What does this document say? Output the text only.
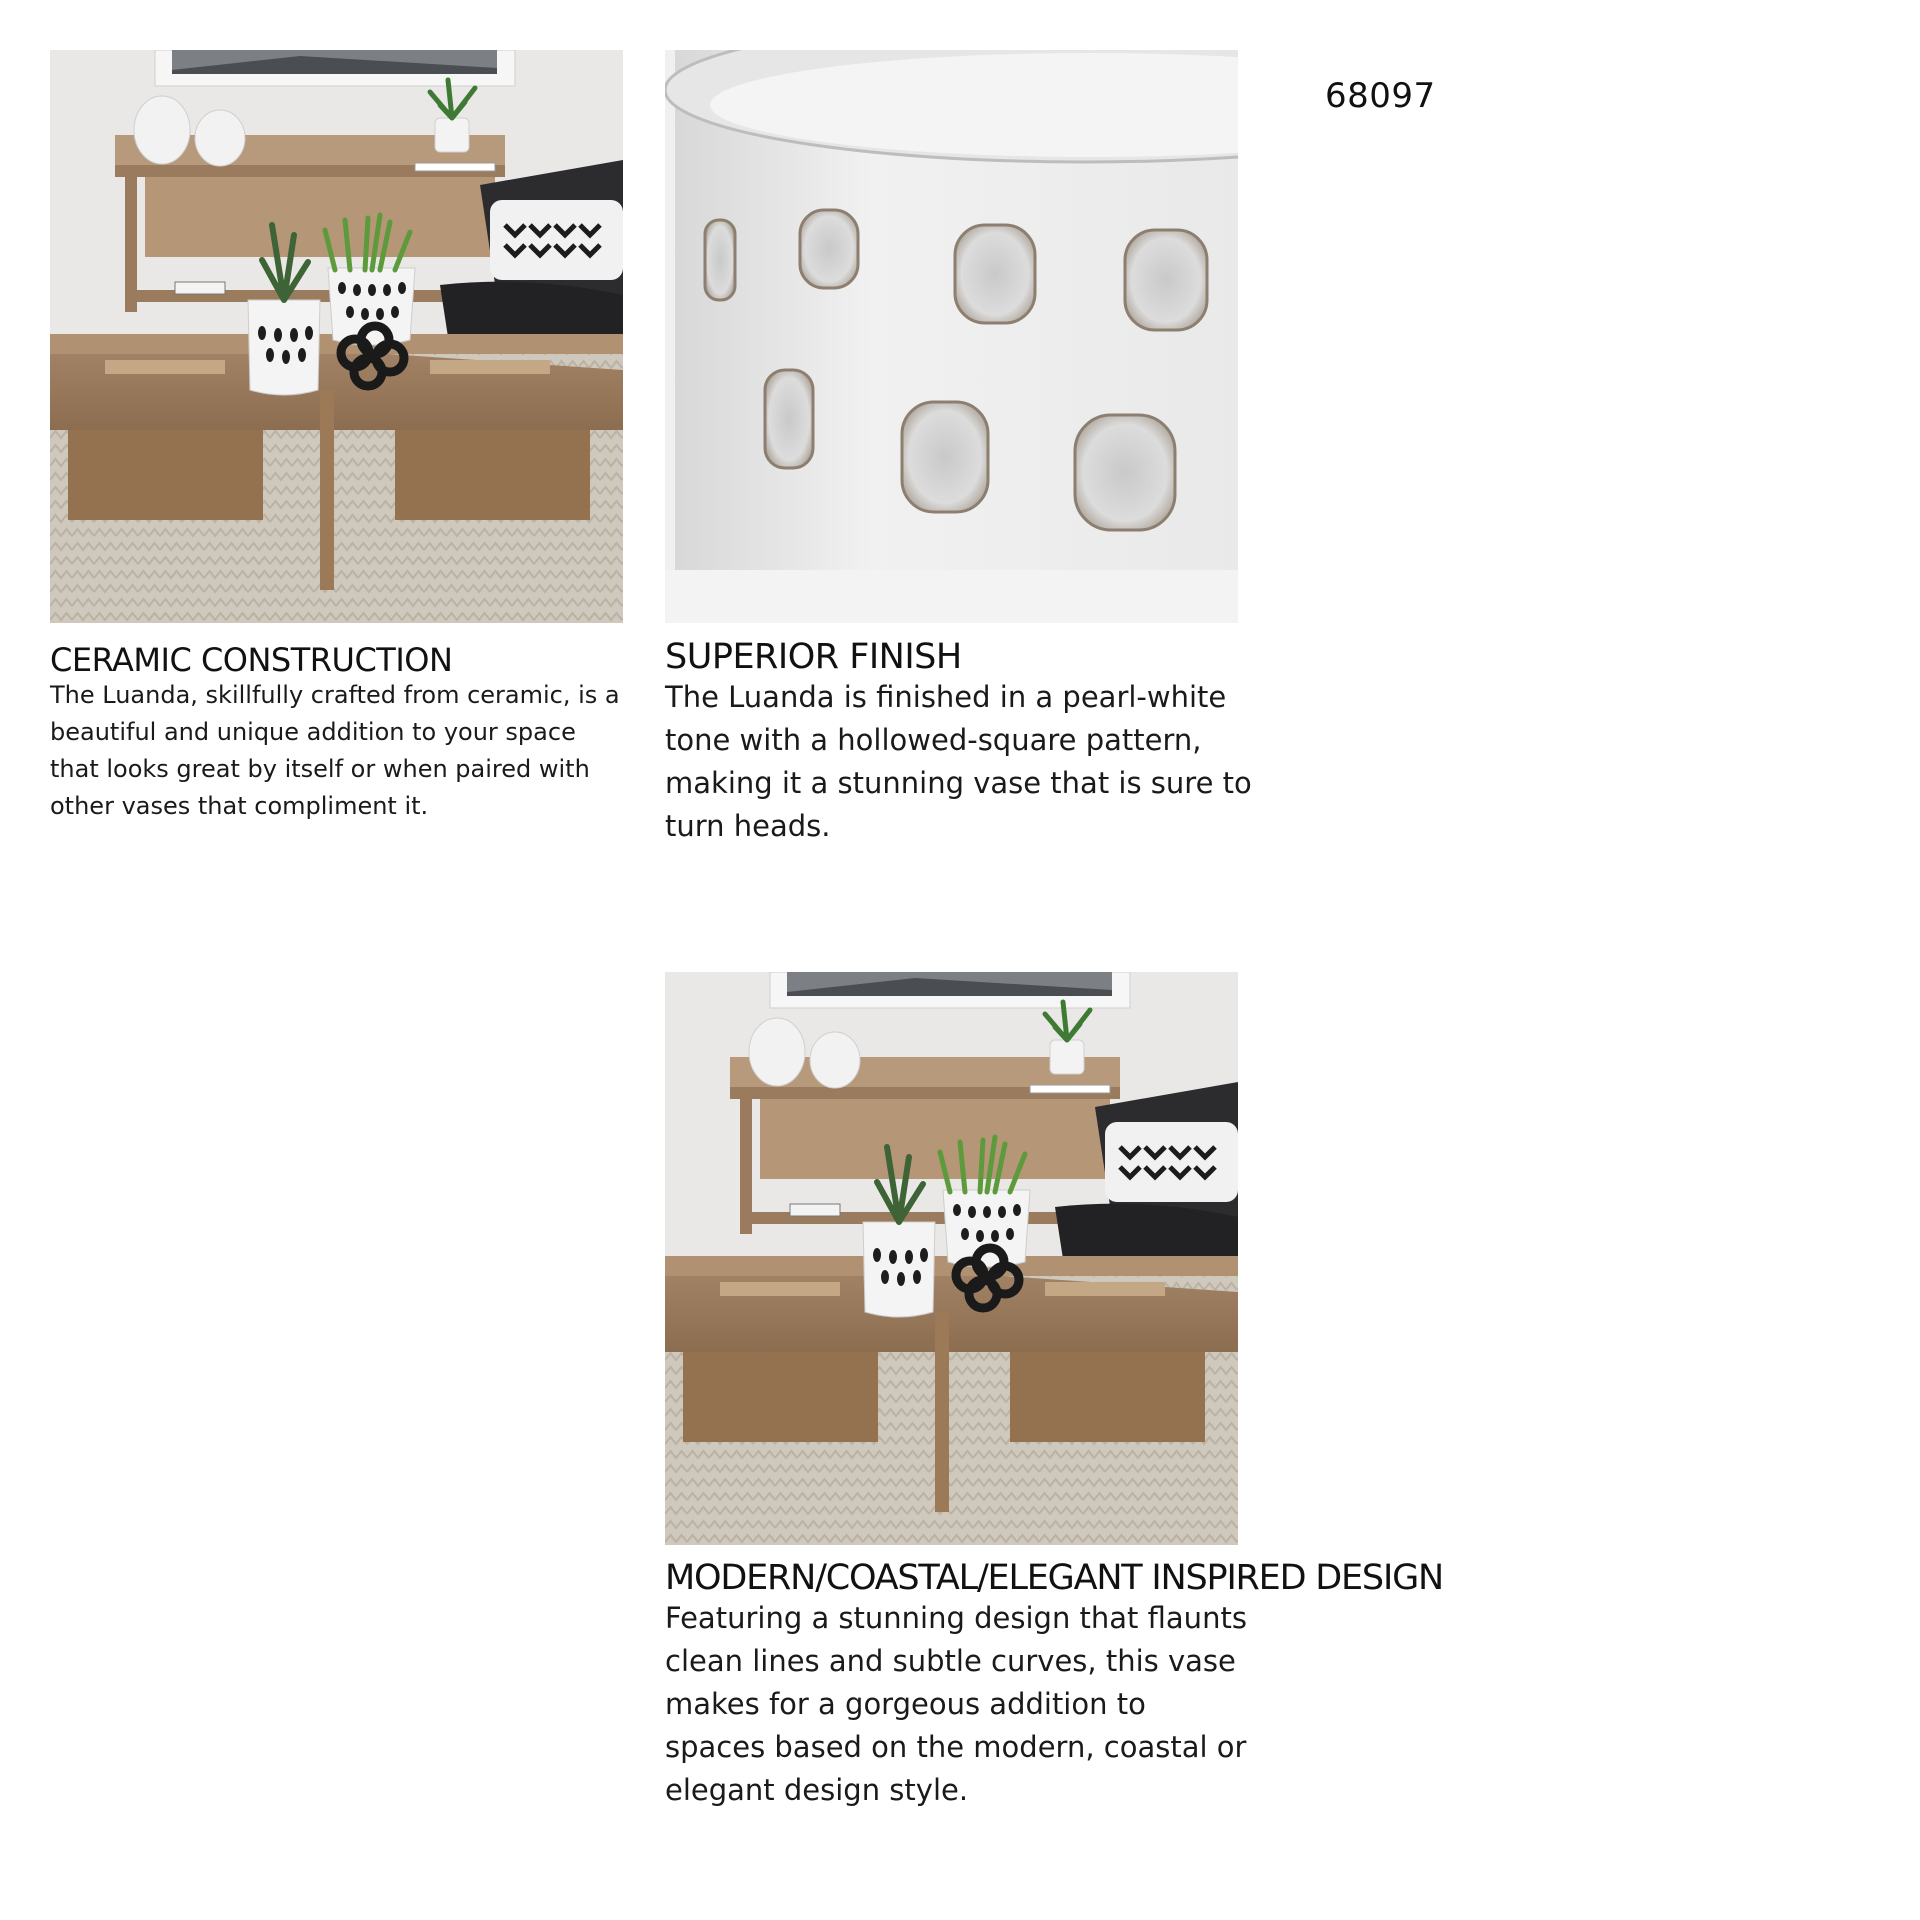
68097
CERAMIC CONSTRUCTION
The Luanda, skillfully crafted from ceramic, is a
beautiful and unique addition to your space
that looks great by itself or when paired with
other vases that compliment it.
SUPERIOR FINISH
The Luanda is finished in a pearl-white
tone with a hollowed-square pattern,
making it a stunning vase that is sure to
turn heads.
MODERN/COASTAL/ELEGANT INSPIRED DESIGN
Featuring a stunning design that flaunts
clean lines and subtle curves, this vase
makes for a gorgeous addition to
spaces based on the modern, coastal or
elegant design style.
